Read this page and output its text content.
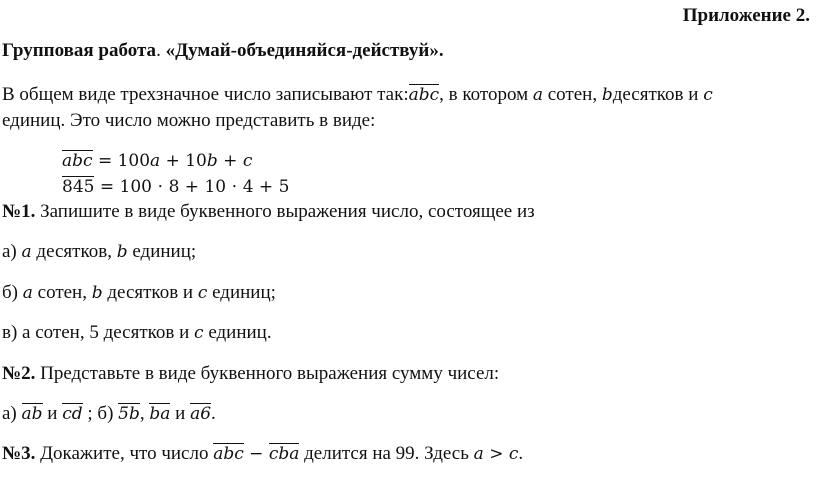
Приложение 2.
Групповая работа. «Думай-объединяйся-действуй».
В общем виде трехзначное число записывают так:abc, в котором a сотен, bдесятков и c
единиц. Это число можно представить в виде:
abc = 100a + 10b + c
845 = 100 ⋅ 8 + 10 ⋅ 4 + 5
№1. Запишите в виде буквенного выражения число, состоящее из
а) a десятков, b единиц;
б) a сотен, b десятков и c единиц;
в) а сотен, 5 десятков и c единиц.
№2. Представьте в виде буквенного выражения сумму чисел:
а) ab и cd ; б) 5b, ba и a6.
№3. Докажите, что число abc − cba делится на 99. Здесь a > c.
